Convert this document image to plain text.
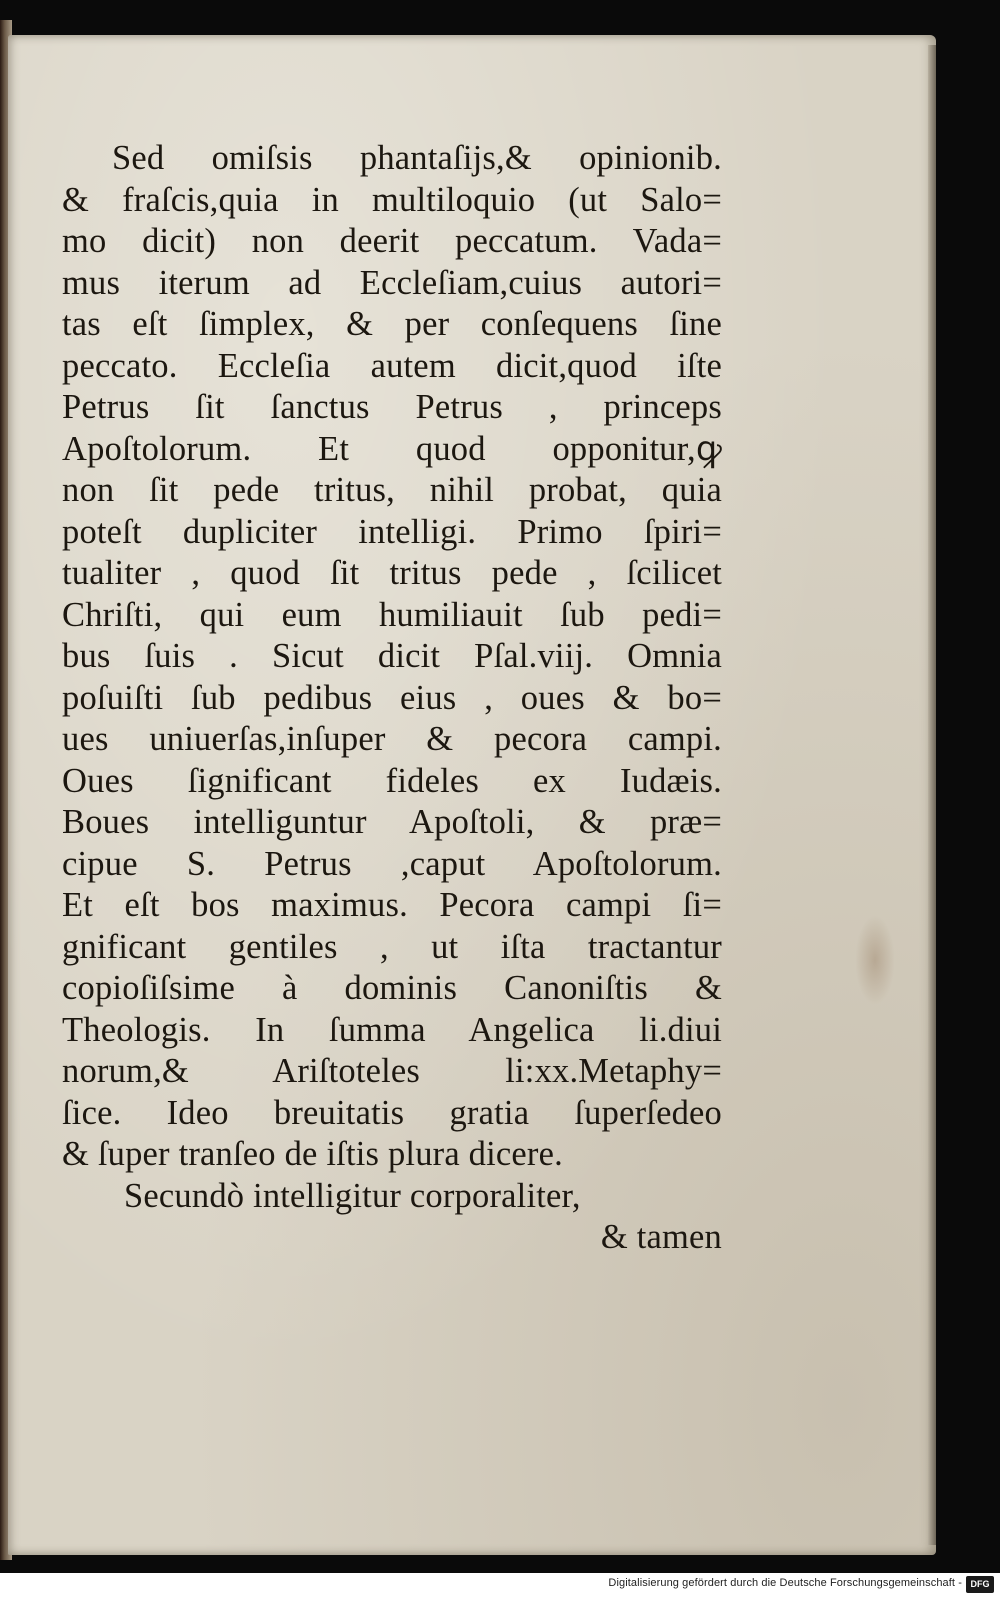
Sed omiſsis phantaſijs,& opinionib.
& fraſcis,quia in multiloquio (ut Salo=
mo dicit) non deerit peccatum. Vada=
mus iterum ad Eccleſiam,cuius autori=
tas eſt ſimplex, & per conſequens ſine
peccato. Eccleſia autem dicit,quod iſte
Petrus ſit ſanctus Petrus , princeps
Apoſtolorum. Et quod opponitur,ꝙ
non ſit pede tritus, nihil probat, quia
poteſt dupliciter intelligi. Primo ſpiri=
tualiter , quod ſit tritus pede , ſcilicet
Chriſti, qui eum humiliauit ſub pedi=
bus ſuis . Sicut dicit Pſal.viij. Omnia
poſuiſti ſub pedibus eius , oues & bo=
ues uniuerſas,inſuper & pecora campi.
Oues ſignificant fideles ex Iudæis.
Boues intelliguntur Apoſtoli, & præ=
cipue S. Petrus ,caput Apoſtolorum.
Et eſt bos maximus. Pecora campi ſi=
gnificant gentiles , ut iſta tractantur
copioſiſsime à dominis Canoniſtis &
Theologis. In ſumma Angelica li.diui
norum,& Ariſtoteles li:xx.Metaphy=
ſice. Ideo breuitatis gratia ſuperſedeo
& ſuper tranſeo de iſtis plura dicere.
Secundò intelligitur corporaliter,
& tamen
Digitalisierung gefördert durch die Deutsche Forschungsgemeinschaft - DFG
